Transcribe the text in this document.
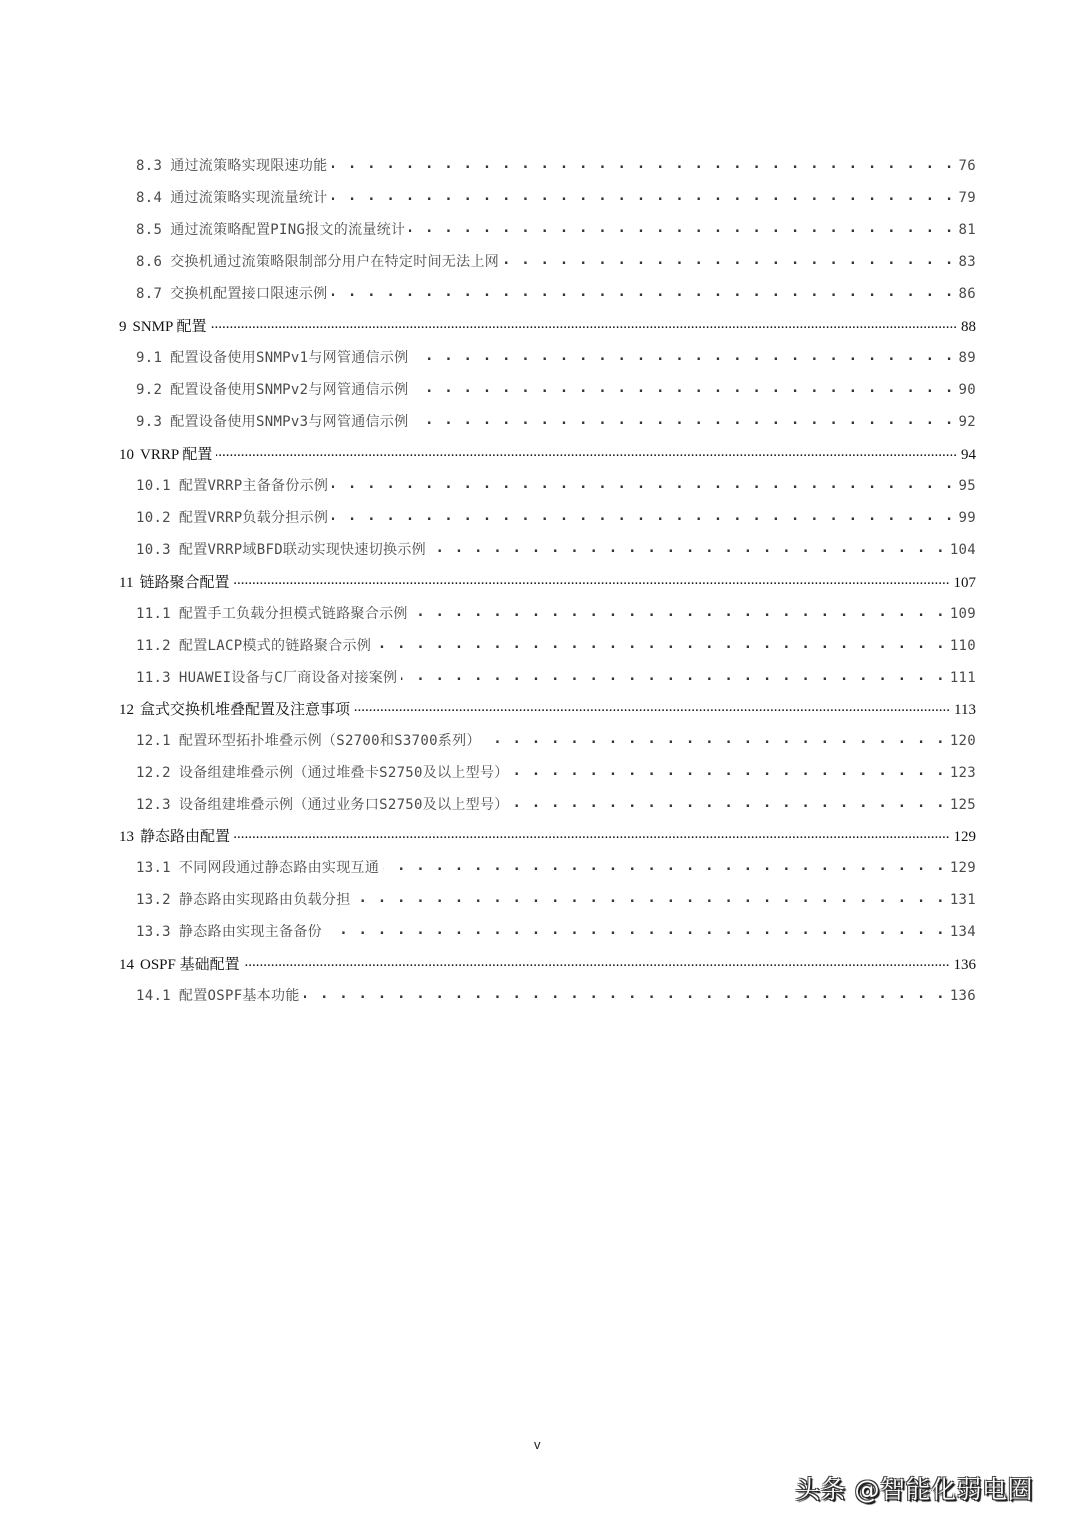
8.3 通过流策略实现限速功能 . . .	76
8.4 通过流策略实现流量统计 . . .	79
8.5 通过流策略配置PING报文的流量统计 . . .	81
8.6 交换机通过流策略限制部分用户在特定时间无法上网 . . .	83
8.7 交换机配置接口限速示例 . . .	86
9 SNMP 配置 .....	88
9.1 配置设备使用SNMPv1与网管通信示例 . . .	89
9.2 配置设备使用SNMPv2与网管通信示例 . . .	90
9.3 配置设备使用SNMPv3与网管通信示例 . . .	92
10 VRRP 配置 .....	94
10.1 配置VRRP主备备份示例 . . .	95
10.2 配置VRRP负载分担示例 . . .	99
10.3 配置VRRP域BFD联动实现快速切换示例 . . .	104
11 链路聚合配置 .....	107
11.1 配置手工负载分担模式链路聚合示例 . . .	109
11.2 配置LACP模式的链路聚合示例 . . .	110
11.3 HUAWEI设备与C厂商设备对接案例 . . .	111
12 盒式交换机堆叠配置及注意事项 .....	113
12.1 配置环型拓扑堆叠示例（S2700和S3700系列） . . .	120
12.2 设备组建堆叠示例（通过堆叠卡S2750及以上型号） . . .	123
12.3 设备组建堆叠示例（通过业务口S2750及以上型号） . . .	125
13 静态路由配置 .....	129
13.1 不同网段通过静态路由实现互通 . . .	129
13.2 静态路由实现路由负载分担 . . .	131
13.3 静态路由实现主备备份 . . .	134
14 OSPF 基础配置 .....	136
14.1 配置OSPF基本功能 . . .	136
v
头条 @智能化弱电圈
